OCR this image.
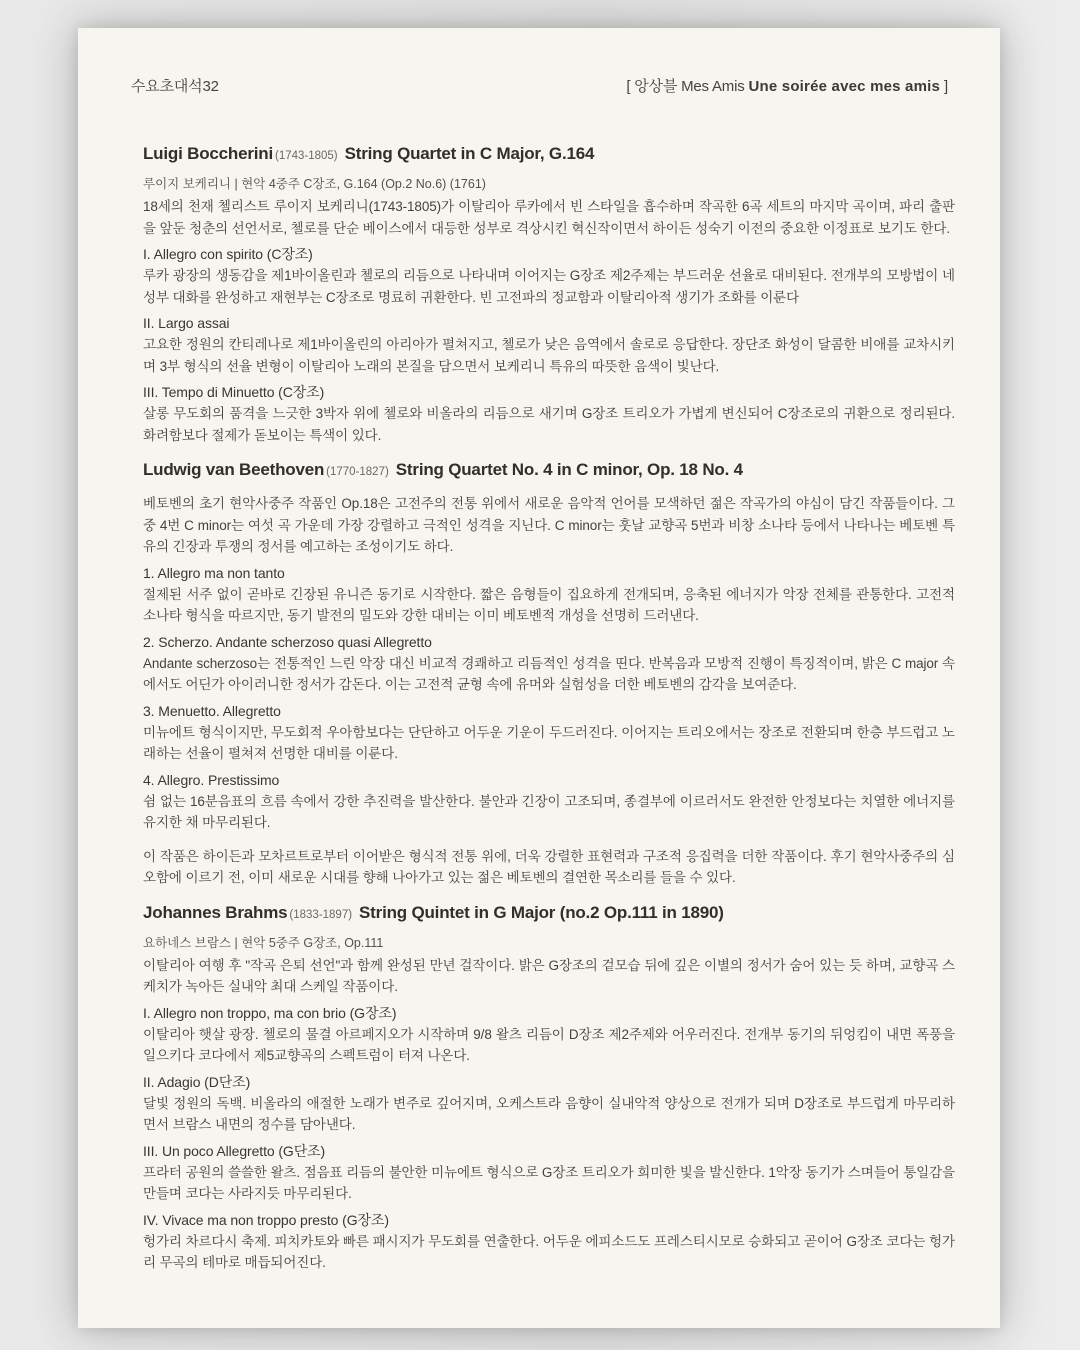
수요초대석32	[ 앙상블 Mes Amis Une soirée avec mes amis ]
Luigi Boccherini (1743-1805) String Quartet in C Major, G.164
루이지 보케리니 | 현악 4중주 C장조, G.164 (Op.2 No.6) (1761)

18세의 천재 첼리스트 루이지 보케리니(1743-1805)가 이탈리아 루카에서 빈 스타일을 흡수하며 작곡한 6곡 세트의 마지막 곡이며, 파리 출판을 앞둔 청춘의 선언서로, 첼로를 단순 베이스에서 대등한 성부로 격상시킨 혁신작이면서 하이든 성숙기 이전의 중요한 이정표로 보기도 한다.

I. Allegro con spirito (C장조)

루카 광장의 생동감을 제1바이올린과 첼로의 리듬으로 나타내며 이어지는 G장조 제2주제는 부드러운 선율로 대비된다. 전개부의 모방법이 네 성부 대화를 완성하고 재현부는 C장조로 명료히 귀환한다. 빈 고전파의 정교함과 이탈리아적 생기가 조화를 이룬다

II. Largo assai

고요한 정원의 칸티레나로 제1바이올린의 아리아가 펼쳐지고, 첼로가 낮은 음역에서 솔로로 응답한다. 장단조 화성이 달콤한 비애를 교차시키며 3부 형식의 선율 변형이 이탈리아 노래의 본질을 담으면서 보케리니 특유의 따뜻한 음색이 빛난다.

III. Tempo di Minuetto (C장조)

살롱 무도회의 품격을 느긋한 3박자 위에 첼로와 비올라의 리듬으로 새기며 G장조 트리오가 가볍게 변신되어 C장조로의 귀환으로 정리된다. 화려함보다 절제가 돋보이는 특색이 있다.

Ludwig van Beethoven (1770-1827) String Quartet No. 4 in C minor, Op. 18 No. 4

베토벤의 초기 현악사중주 작품인 Op.18은 고전주의 전통 위에서 새로운 음악적 언어를 모색하던 젊은 작곡가의 야심이 담긴 작품들이다. 그중 4번 C minor는 여섯 곡 가운데 가장 강렬하고 극적인 성격을 지닌다. C minor는 훗날 교향곡 5번과 비창 소나타 등에서 나타나는 베토벤 특유의 긴장과 투쟁의 정서를 예고하는 조성이기도 하다.

1. Allegro ma non tanto

절제된 서주 없이 곧바로 긴장된 유니즌 동기로 시작한다. 짧은 음형들이 집요하게 전개되며, 응축된 에너지가 악장 전체를 관통한다. 고전적 소나타 형식을 따르지만, 동기 발전의 밀도와 강한 대비는 이미 베토벤적 개성을 선명히 드러낸다.

2. Scherzo. Andante scherzoso quasi Allegretto

Andante scherzoso는 전통적인 느린 악장 대신 비교적 경쾌하고 리듬적인 성격을 띤다. 반복음과 모방적 진행이 특징적이며, 밝은 C major 속에서도 어딘가 아이러니한 정서가 감돈다. 이는 고전적 균형 속에 유머와 실험성을 더한 베토벤의 감각을 보여준다.

3. Menuetto. Allegretto

미뉴에트 형식이지만, 무도회적 우아함보다는 단단하고 어두운 기운이 두드러진다. 이어지는 트리오에서는 장조로 전환되며 한층 부드럽고 노래하는 선율이 펼쳐져 선명한 대비를 이룬다.

4. Allegro. Prestissimo

쉼 없는 16분음표의 흐름 속에서 강한 추진력을 발산한다. 불안과 긴장이 고조되며, 종결부에 이르러서도 완전한 안정보다는 치열한 에너지를 유지한 채 마무리된다.

이 작품은 하이든과 모차르트로부터 이어받은 형식적 전통 위에, 더욱 강렬한 표현력과 구조적 응집력을 더한 작품이다. 후기 현악사중주의 심오함에 이르기 전, 이미 새로운 시대를 향해 나아가고 있는 젊은 베토벤의 결연한 목소리를 들을 수 있다.

Johannes Brahms (1833-1897) String Quintet in G Major (no.2 Op.111 in 1890)
요하네스 브람스 | 현악 5중주 G장조, Op.111

이탈리아 여행 후 "작곡 은퇴 선언"과 함께 완성된 만년 걸작이다. 밝은 G장조의 겉모습 뒤에 깊은 이별의 정서가 숨어 있는 듯 하며, 교향곡 스케치가 녹아든 실내악 최대 스케일 작품이다.

I. Allegro non troppo, ma con brio (G장조)

이탈리아 햇살 광장. 첼로의 물결 아르페지오가 시작하며 9/8 왈츠 리듬이 D장조 제2주제와 어우러진다. 전개부 동기의 뒤엉킴이 내면 폭풍을 일으키다 코다에서 제5교향곡의 스펙트럼이 터져 나온다.

II. Adagio (D단조)

달빛 정원의 독백. 비올라의 애절한 노래가 변주로 깊어지며, 오케스트라 음향이 실내악적 양상으로 전개가 되며 D장조로 부드럽게 마무리하면서 브람스 내면의 정수를 담아낸다.

III. Un poco Allegretto (G단조)

프라터 공원의 쓸쓸한 왈츠. 점음표 리듬의 불안한 미뉴에트 형식으로 G장조 트리오가 희미한 빛을 발신한다. 1악장 동기가 스며들어 통일감을 만들며 코다는 사라지듯 마무리된다.

IV. Vivace ma non troppo presto (G장조)

헝가리 차르다시 축제. 피치카토와 빠른 패시지가 무도회를 연출한다. 어두운 에피소드도 프레스티시모로 승화되고 곧이어 G장조 코다는 헝가리 무곡의 테마로 매듭되어진다.
